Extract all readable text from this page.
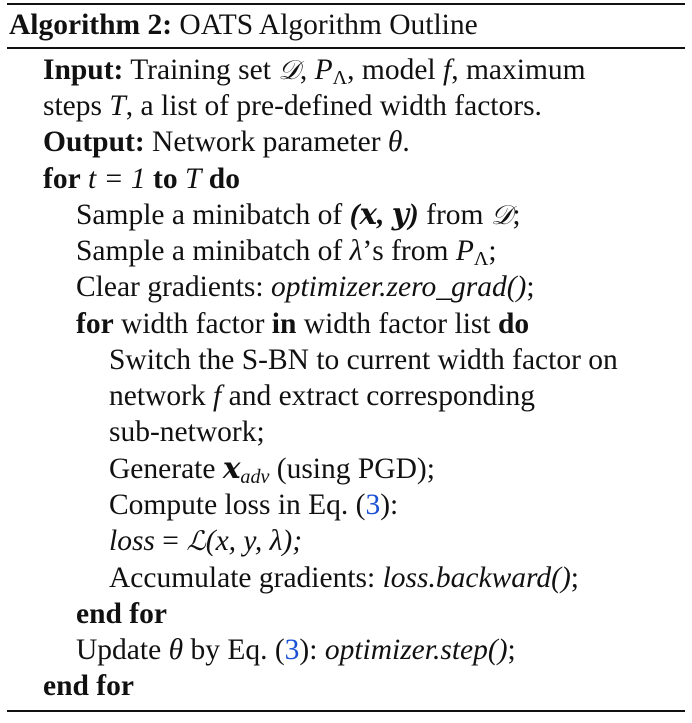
Algorithm 2: OATS Algorithm Outline
Input: Training set 𝒟, $P_\Lambda$, model f, maximum
steps T, a list of pre-defined width factors.
Output: Network parameter θ.
for t = 1 to T do
Sample a minibatch of (𝒙, 𝒚) from 𝒟;
Sample a minibatch of λ’s from $P_\Lambda$;
Clear gradients: optimizer.zero_grad();
for width factor in width factor list do
Switch the S-BN to current width factor on
network f and extract corresponding
sub-network;
Generate 𝒙$_{adv}$ (using PGD);
Compute loss in Eq. (3):
loss = ℒ(x, y, λ);
Accumulate gradients: loss.backward();
end for
Update θ by Eq. (3): optimizer.step();
end for
